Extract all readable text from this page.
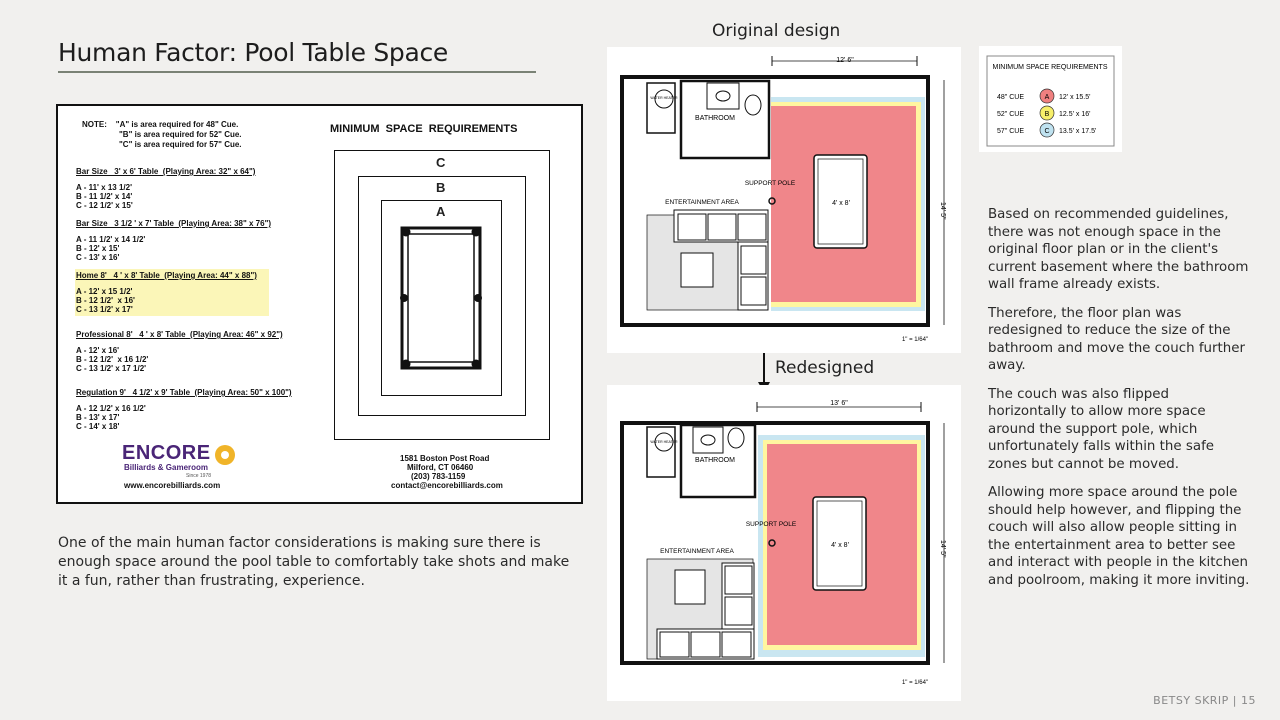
Human Factor: Pool Table Space
NOTE:    "A" is area required for 48" Cue.
"B" is area required for 52" Cue.
"C" is area required for 57" Cue.
MINIMUM  SPACE  REQUIREMENTS
Bar Size   3' x 6' Table  (Playing Area: 32" x 64")
A - 11' x 13 1/2'
B - 11 1/2' x 14'
C - 12 1/2' x 15'
Bar Size   3 1/2 ' x 7' Table  (Playing Area: 38" x 76")
A - 11 1/2' x 14 1/2'
B - 12' x 15'
C - 13' x 16'
Home 8'   4 ' x 8' Table  (Playing Area: 44" x 88")
A - 12' x 15 1/2'
B - 12 1/2'  x 16'
C - 13 1/2' x 17'
Professional 8'   4 ' x 8' Table  (Playing Area: 46" x 92")
A - 12' x 16'
B - 12 1/2'  x 16 1/2'
C - 13 1/2' x 17 1/2'
Regulation 9'   4 1/2' x 9' Table  (Playing Area: 50" x 100")
A - 12 1/2' x 16 1/2'
B - 13' x 17'
C - 14' x 18'
C
B
A
ENCORE
Billiards & Gameroom
Since 1978
www.encorebilliards.com
1581 Boston Post Road
Milford, CT 06460
(203) 783-1159
contact@encorebilliards.com
One of the main human factor considerations is making sure there is enough space around the pool table to comfortably take shots and make it a fun, rather than frustrating, experience.
Original design
Redesigned
12' 6"
14' 5"
4' x 8'
WATER HEATER
BATHROOM
SUPPORT POLE
ENTERTAINMENT AREA
1" = 1/64"
13' 6"
14' 5"
4' x 8'
WATER HEATER
BATHROOM
SUPPORT POLE
ENTERTAINMENT AREA
1" = 1/64"
MINIMUM SPACE REQUIREMENTS
48" CUE	A 12' x 15.5'
52" CUE	B 12.5' x 16'
57" CUE	C 13.5' x 17.5'

Based on recommended guidelines, there was not enough space in the original floor plan or in the client's current basement where the bathroom wall frame already exists.

Therefore, the floor plan was redesigned to reduce the size of the bathroom and move the couch further away.

The couch was also flipped horizontally to allow more space around the support pole, which unfortunately falls within the safe zones but cannot be moved.

Allowing more space around the pole should help however, and flipping the couch will also allow people sitting in the entertainment area to better see and interact with people in the kitchen and poolroom, making it more inviting.

BETSY SKRIP | 15
